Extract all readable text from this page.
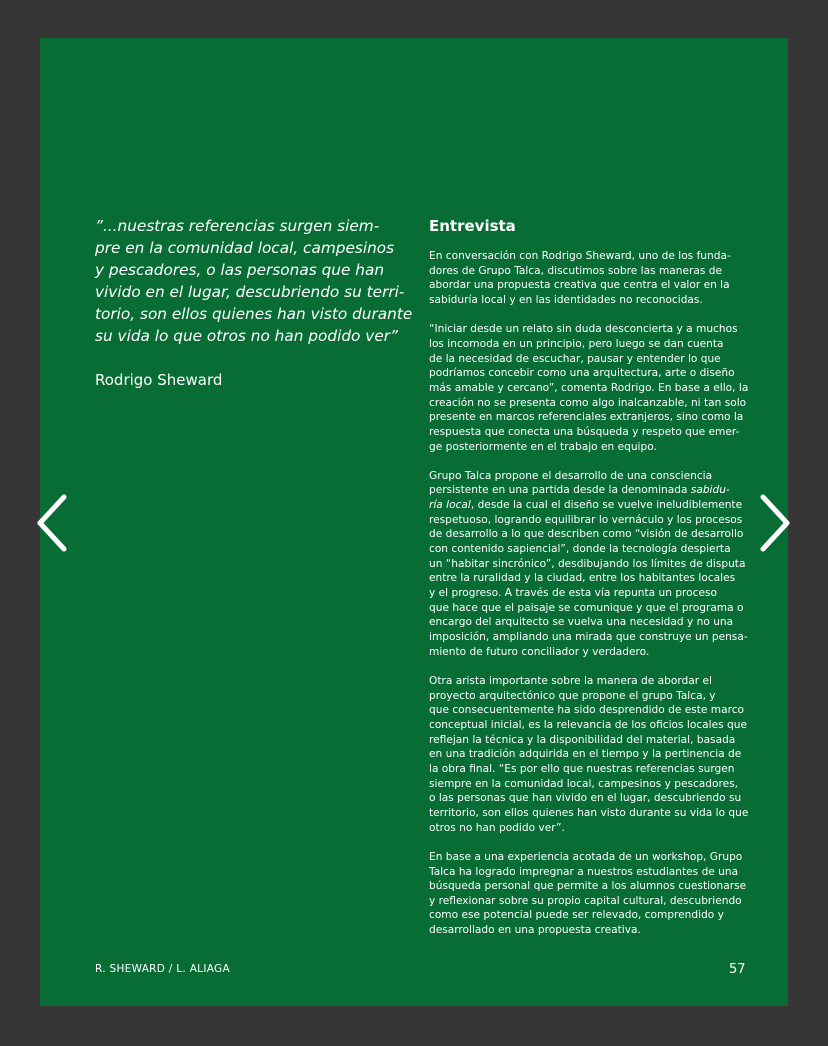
”...nuestras referencias surgen siem-
pre en la comunidad local, campesinos
y pescadores, o las personas que han
vivido en el lugar, descubriendo su terri-
torio, son ellos quienes han visto durante
su vida lo que otros no han podido ver”

Rodrigo Sheward

Entrevista

En conversación con Rodrigo Sheward, uno de los funda-
dores de Grupo Talca, discutimos sobre las maneras de
abordar una propuesta creativa que centra el valor en la
sabiduría local y en las identidades no reconocidas.

“Iniciar desde un relato sin duda desconcierta y a muchos
los incomoda en un principio, pero luego se dan cuenta
de la necesidad de escuchar, pausar y entender lo que
podríamos concebir como una arquitectura, arte o diseño
más amable y cercano”, comenta Rodrigo. En base a ello, la
creación no se presenta como algo inalcanzable, ni tan solo
presente en marcos referenciales extranjeros, sino como la
respuesta que conecta una búsqueda y respeto que emer-
ge posteriormente en el trabajo en equipo.

Grupo Talca propone el desarrollo de una consciencia
persistente en una partida desde la denominada sabidu-
ría local, desde la cual el diseño se vuelve ineludiblemente
respetuoso, logrando equilibrar lo vernáculo y los procesos
de desarrollo a lo que describen como “visión de desarrollo
con contenido sapiencial”, donde la tecnología despierta
un “habitar sincrónico”, desdibujando los límites de disputa
entre la ruralidad y la ciudad, entre los habitantes locales
y el progreso. A través de esta vía repunta un proceso
que hace que el paisaje se comunique y que el programa o
encargo del arquitecto se vuelva una necesidad y no una
imposición, ampliando una mirada que construye un pensa-
miento de futuro conciliador y verdadero.

Otra arista importante sobre la manera de abordar el
proyecto arquitectónico que propone el grupo Talca, y
que consecuentemente ha sido desprendido de este marco
conceptual inicial, es la relevancia de los oficios locales que
reflejan la técnica y la disponibilidad del material, basada
en una tradición adquirida en el tiempo y la pertinencia de
la obra final. “Es por ello que nuestras referencias surgen
siempre en la comunidad local, campesinos y pescadores,
o las personas que han vivido en el lugar, descubriendo su
territorio, son ellos quienes han visto durante su vida lo que
otros no han podido ver”.

En base a una experiencia acotada de un workshop, Grupo
Talca ha logrado impregnar a nuestros estudiantes de una
búsqueda personal que permite a los alumnos cuestionarse
y reflexionar sobre su propio capital cultural, descubriendo
como ese potencial puede ser relevado, comprendido y
desarrollado en una propuesta creativa.

R. SHEWARD / L. ALIAGA	57
